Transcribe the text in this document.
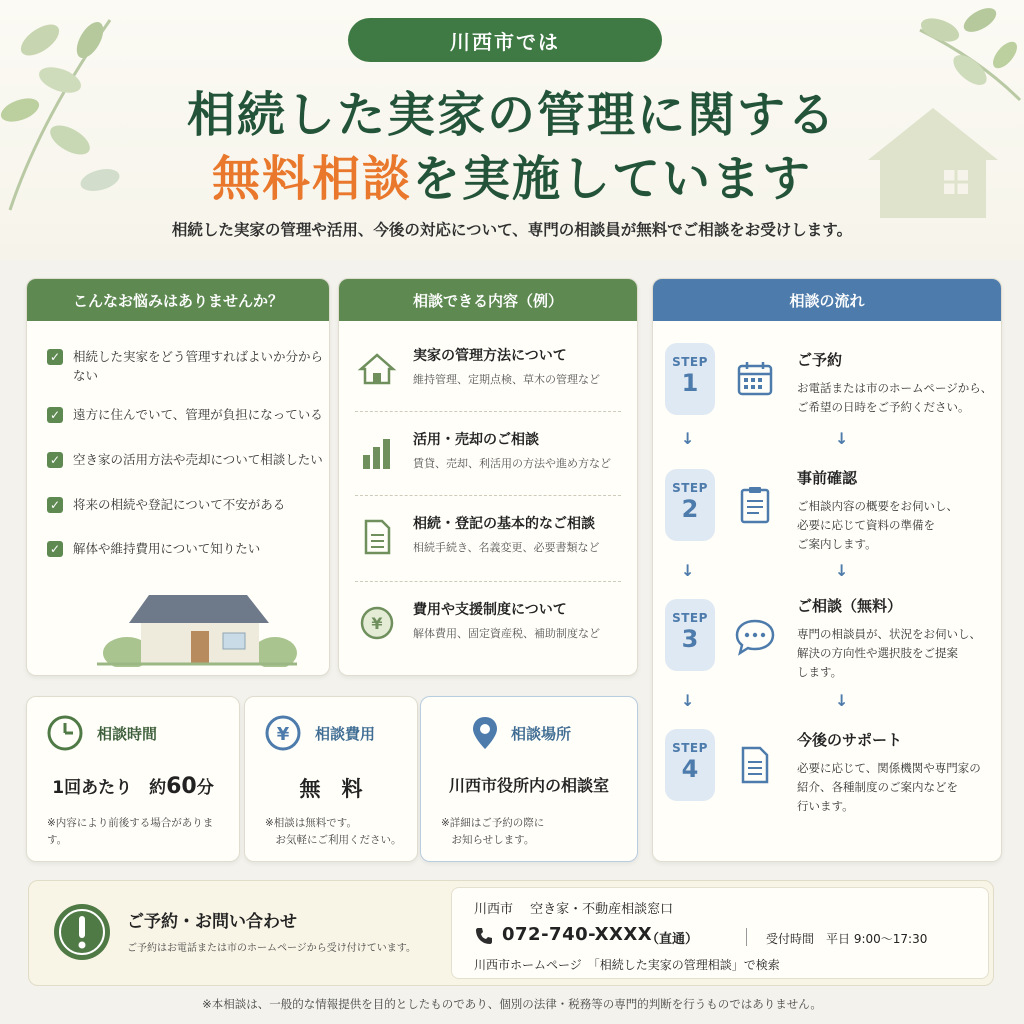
川西市では
相続した実家の管理に関する
無料相談を実施しています
相続した実家の管理や活用、今後の対応について、専門の相談員が無料でご相談をお受けします。
こんなお悩みはありませんか？
✓ 相続した実家をどう管理すればよいか分からない
✓ 遠方に住んでいて、管理が負担になっている
✓ 空き家の活用方法や売却について相談したい
✓ 将来の相続や登記について不安がある
✓ 解体や維持費用について知りたい
相談できる内容（例）
実家の管理方法について
維持管理、定期点検、草木の管理など
活用・売却のご相談
賃貸、売却、利活用の方法や進め方など
相続・登記の基本的なご相談
相続手続き、名義変更、必要書類など
¥
費用や支援制度について
解体費用、固定資産税、補助制度など
相談の流れ
STEP
1
ご予約
お電話または市のホームページから、
ご希望の日時をご予約ください。
↓	↓
STEP
2
事前確認
ご相談内容の概要をお伺いし、
必要に応じて資料の準備を
ご案内します。
↓	↓
STEP
3
ご相談（無料）
専門の相談員が、状況をお伺いし、
解決の方向性や選択肢をご提案
します。
↓	↓
STEP
4
今後のサポート
必要に応じて、関係機関や専門家の
紹介、各種制度のご案内などを
行います。
相談時間
1回あたり　約60分
※内容により前後する場合がありま
す。
¥ 相談費用
無　料
※相談は無料です。
　お気軽にご利用ください。
相談場所
川西市役所内の相談室
※詳細はご予約の際に
　お知らせします。
ご予約・お問い合わせ
ご予約はお電話または市のホームページから受け付けています。
川西市　 空き家・不動産相談窓口
072-740-XXXX
（直通）	受付時間　平日 9:00〜17:30
川西市ホームページ　「相続した実家の管理相談」で検索
※本相談は、一般的な情報提供を目的としたものであり、個別の法律・税務等の専門的判断を行うものではありません。
